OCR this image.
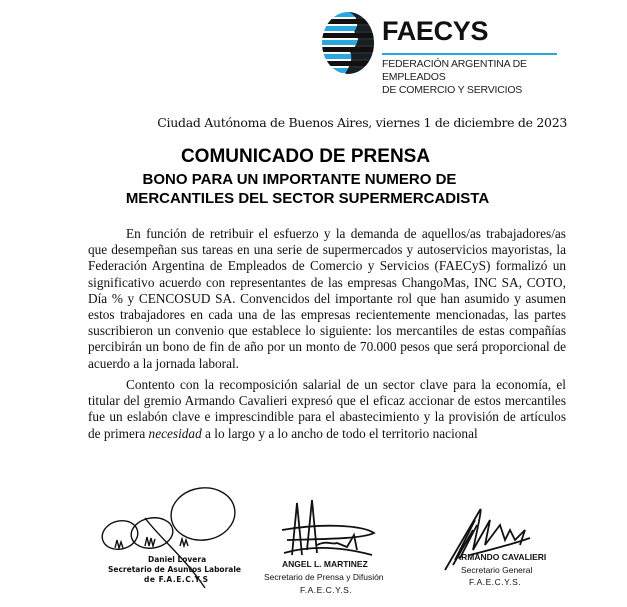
FAECYS
FEDERACIÓN ARGENTINA DE EMPLEADOS
DE COMERCIO Y SERVICIOS
Ciudad Autónoma de Buenos Aires, viernes 1 de diciembre de 2023
COMUNICADO DE PRENSA
BONO PARA UN IMPORTANTE NUMERO DE
MERCANTILES DEL SECTOR SUPERMERCADISTA
En función de retribuir el esfuerzo y la demanda de aquellos/as trabajadores/as que desempeñan sus tareas en una serie de supermercados y autoservicios mayoristas, la Federación Argentina de Empleados de Comercio y Servicios (FAECyS) formalizó un significativo acuerdo con representantes de las empresas ChangoMas, INC SA, COTO, Día % y CENCOSUD SA. Convencidos del importante rol que han asumido y asumen estos trabajadores en cada una de las empresas recientemente mencionadas, las partes suscribieron un convenio que establece lo siguiente: los mercantiles de estas compañías percibirán un bono de fin de año por un monto de 70.000 pesos que será proporcional de acuerdo a la jornada laboral.
Contento con la recomposición salarial de un sector clave para la economía, el titular del gremio Armando Cavalieri expresó que el eficaz accionar de estos mercantiles fue un eslabón clave e imprescindible para el abastecimiento y la provisión de artículos de primera necesidad a lo largo y a lo ancho de todo el territorio nacional
Daniel Lovera
Secretario de Asuntos Laborale
de F.A.E.C.Y.S
ANGEL L. MARTINEZ
Secretario de Prensa y Difusión
F.A.E.C.Y.S.
ARMANDO CAVALIERI
Secretario General
F.A.E.C.Y.S.
